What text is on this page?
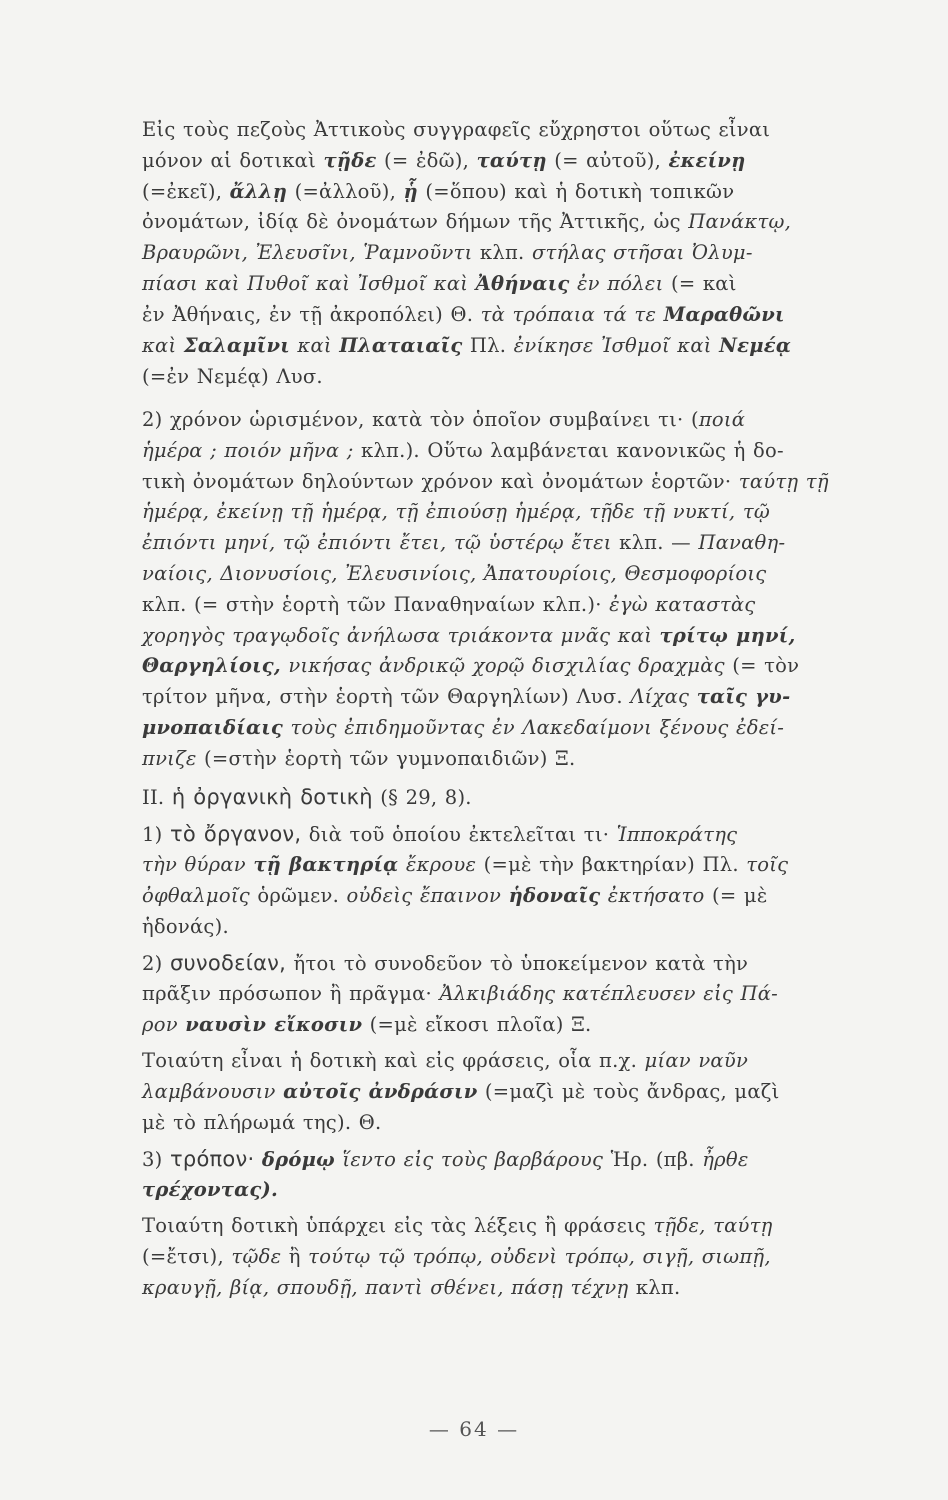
Εἰς τοὺς πεζοὺς Ἀττικοὺς συγγραφεῖς εὔχρηστοι οὕτως εἶναι
μόνον αἱ δοτικαὶ τῇδε (= ἐδῶ), ταύτῃ (= αὐτοῦ), ἐκείνῃ
(=ἐκεῖ), ἄλλῃ (=ἀλλοῦ), ᾗ (=ὅπου) καὶ ἡ δοτικὴ τοπικῶν
ὀνομάτων, ἰδίᾳ δὲ ὀνομάτων δήμων τῆς Ἀττικῆς, ὡς Πανάκτῳ,
Βραυρῶνι, Ἐλευσῖνι, Ῥαμνοῦντι κλπ. στήλας στῆσαι Ὀλυμ-
πίασι καὶ Πυθοῖ καὶ Ἰσθμοῖ καὶ Ἀθήναις ἐν πόλει (= καὶ
ἐν Ἀθήναις, ἐν τῇ ἀκροπόλει) Θ. τὰ τρόπαια τά τε Μαραθῶνι
καὶ Σαλαμῖνι καὶ Πλαταιαῖς Πλ. ἐνίκησε Ἰσθμοῖ καὶ Νεμέᾳ
(=ἐν Νεμέᾳ) Λυσ.
2) χρόνον ὡρισμένον, κατὰ τὸν ὁποῖον συμβαίνει τι· (ποιά
ἡμέρα ; ποιόν μῆνα ; κλπ.). Οὕτω λαμβάνεται κανονικῶς ἡ δο-
τικὴ ὀνομάτων δηλούντων χρόνον καὶ ὀνομάτων ἑορτῶν· ταύτῃ τῇ
ἡμέρᾳ, ἐκείνῃ τῇ ἡμέρᾳ, τῇ ἐπιούσῃ ἡμέρᾳ, τῇδε τῇ νυκτί, τῷ
ἐπιόντι μηνί, τῷ ἐπιόντι ἔτει, τῷ ὑστέρῳ ἔτει κλπ. — Παναθη-
ναίοις, Διονυσίοις, Ἐλευσινίοις, Ἀπατουρίοις, Θεσμοφορίοις
κλπ. (= στὴν ἑορτὴ τῶν Παναθηναίων κλπ.)· ἐγὼ καταστὰς
χορηγὸς τραγῳδοῖς ἀνήλωσα τριάκοντα μνᾶς καὶ τρίτῳ μηνί,
Θαργηλίοις, νικήσας ἀνδρικῷ χορῷ δισχιλίας δραχμὰς (= τὸν
τρίτον μῆνα, στὴν ἑορτὴ τῶν Θαργηλίων) Λυσ. Λίχας ταῖς γυ-
μνοπαιδίαις τοὺς ἐπιδημοῦντας ἐν Λακεδαίμονι ξένους ἐδεί-
πνιζε (=στὴν ἑορτὴ τῶν γυμνοπαιδιῶν) Ξ.
II. ἡ ὀργανικὴ δοτικὴ (§ 29, 8).
1) τὸ ὄργανον, διὰ τοῦ ὁποίου ἐκτελεῖται τι· Ἱπποκράτης
τὴν θύραν τῇ βακτηρίᾳ ἔκρουε (=μὲ τὴν βακτηρίαν) Πλ. τοῖς
ὀφθαλμοῖς ὁρῶμεν. οὐδεὶς ἔπαινον ἡδοναῖς ἐκτήσατο (= μὲ
ἡδονάς).
2) συνοδείαν, ἤτοι τὸ συνοδεῦον τὸ ὑποκείμενον κατὰ τὴν
πρᾶξιν πρόσωπον ἢ πρᾶγμα· Ἀλκιβιάδης κατέπλευσεν εἰς Πά-
ρον ναυσὶν εἴκοσιν (=μὲ εἴκοσι πλοῖα) Ξ.
Τοιαύτη εἶναι ἡ δοτικὴ καὶ εἰς φράσεις, οἷα π.χ. μίαν ναῦν
λαμβάνουσιν αὐτοῖς ἀνδράσιν (=μαζὶ μὲ τοὺς ἄνδρας, μαζὶ
μὲ τὸ πλήρωμά της). Θ.
3) τρόπον· δρόμῳ ἵεντο εἰς τοὺς βαρβάρους Ἡρ. (πβ. ἦρθε
τρέχοντας).
Τοιαύτη δοτικὴ ὑπάρχει εἰς τὰς λέξεις ἢ φράσεις τῇδε, ταύτῃ
(=ἔτσι), τῷδε ἢ τούτῳ τῷ τρόπῳ, οὐδενὶ τρόπῳ, σιγῇ, σιωπῇ,
κραυγῇ, βίᾳ, σπουδῇ, παντὶ σθένει, πάσῃ τέχνῃ κλπ.
— 64 —
